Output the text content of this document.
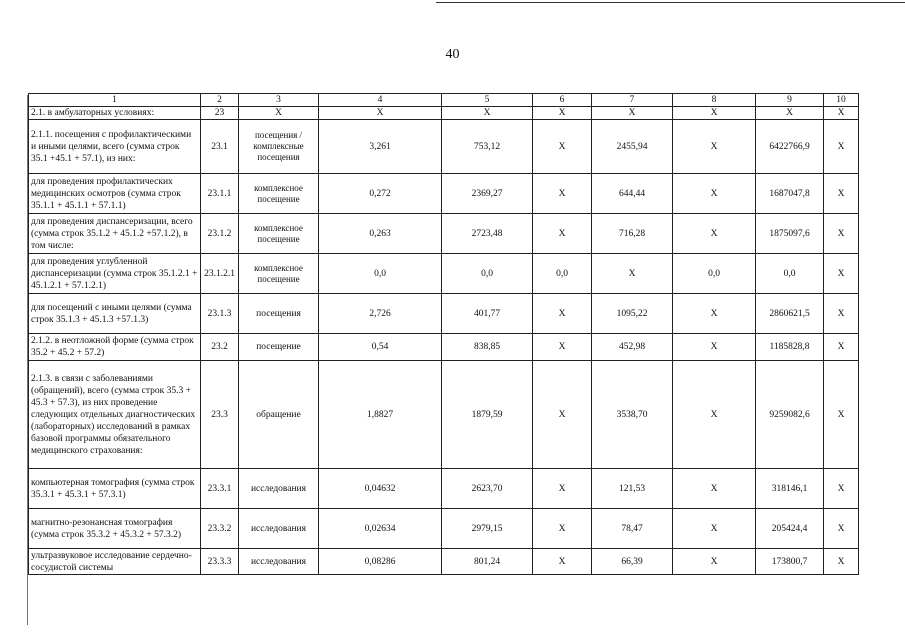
40
1	2	3	4	5	6	7	8	9	10
2.1. в амбулаторных условиях:	23	Х	Х	Х	Х	Х	Х	Х	Х
2.1.1. посещения с профилактическими и иными целями, всего (сумма строк 35.1 +45.1 + 57.1), из них:	23.1	посещения / комплексные посещения	3,261	753,12	Х	2455,94	Х	6422766,9	Х
для проведения профилактических медицинских осмотров (сумма строк 35.1.1 + 45.1.1 + 57.1.1)	23.1.1	комплексное посещение	0,272	2369,27	Х	644,44	Х	1687047,8	Х
для проведения диспансеризации, всего (сумма строк 35.1.2 + 45.1.2 +57.1.2), в том числе:	23.1.2	комплексное посещение	0,263	2723,48	Х	716,28	Х	1875097,6	Х
для проведения углубленной диспансеризации (сумма строк 35.1.2.1 + 45.1.2.1 + 57.1.2.1)	23.1.2.1	комплексное посещение	0,0	0,0	0,0	Х	0,0	0,0	Х
для посещений с иными целями (сумма строк 35.1.3 + 45.1.3 +57.1.3)	23.1.3	посещения	2,726	401,77	Х	1095,22	Х	2860621,5	Х
2.1.2. в неотложной форме (сумма строк 35.2 + 45.2 + 57.2)	23.2	посещение	0,54	838,85	Х	452,98	Х	1185828,8	Х
2.1.3. в связи с заболеваниями (обращений), всего (сумма строк 35.3 + 45.3 + 57.3), из них проведение следующих отдельных диагностических (лабораторных) исследований в рамках базовой программы обязательного медицинского страхования:	23.3	обращение	1,8827	1879,59	Х	3538,70	Х	9259082,6	Х
компьютерная томография (сумма строк 35.3.1 + 45.3.1 + 57.3.1)	23.3.1	исследования	0,04632	2623,70	Х	121,53	Х	318146,1	Х
магнитно-резонансная томография (сумма строк 35.3.2 + 45.3.2 + 57.3.2)	23.3.2	исследования	0,02634	2979,15	Х	78,47	Х	205424,4	Х
ультразвуковое исследование сердечно-сосудистой системы	23.3.3	исследования	0,08286	801,24	Х	66,39	Х	173800,7	Х
